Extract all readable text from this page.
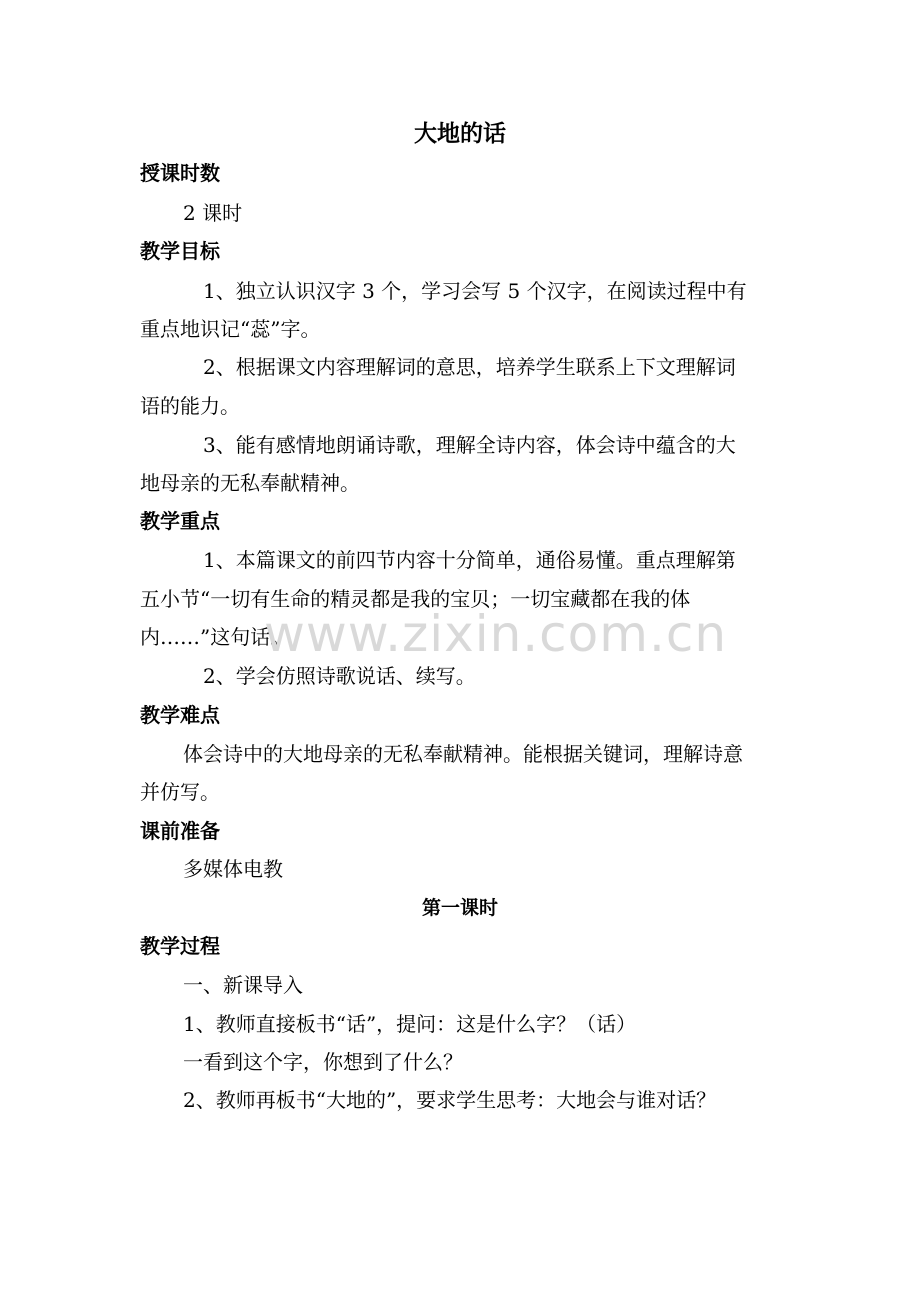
大地的话
授课时数
2 课时
教学目标
1、独立认识汉字 3 个，学习会写 5 个汉字，在阅读过程中有
重点地识记“蕊”字。
2、根据课文内容理解词的意思，培养学生联系上下文理解词
语的能力。
3、能有感情地朗诵诗歌，理解全诗内容，体会诗中蕴含的大
地母亲的无私奉献精神。
教学重点
1、本篇课文的前四节内容十分简单，通俗易懂。重点理解第
五小节“一切有生命的精灵都是我的宝贝；一切宝藏都在我的体
内……”这句话。
2、学会仿照诗歌说话、续写。
教学难点
体会诗中的大地母亲的无私奉献精神。能根据关键词，理解诗意
并仿写。
课前准备
多媒体电教
第一课时
教学过程
一、新课导入
1、教师直接板书“话”，提问：这是什么字？（话）
一看到这个字，你想到了什么？
2、教师再板书“大地的”，要求学生思考：大地会与谁对话？
www.zixin.com.cn
